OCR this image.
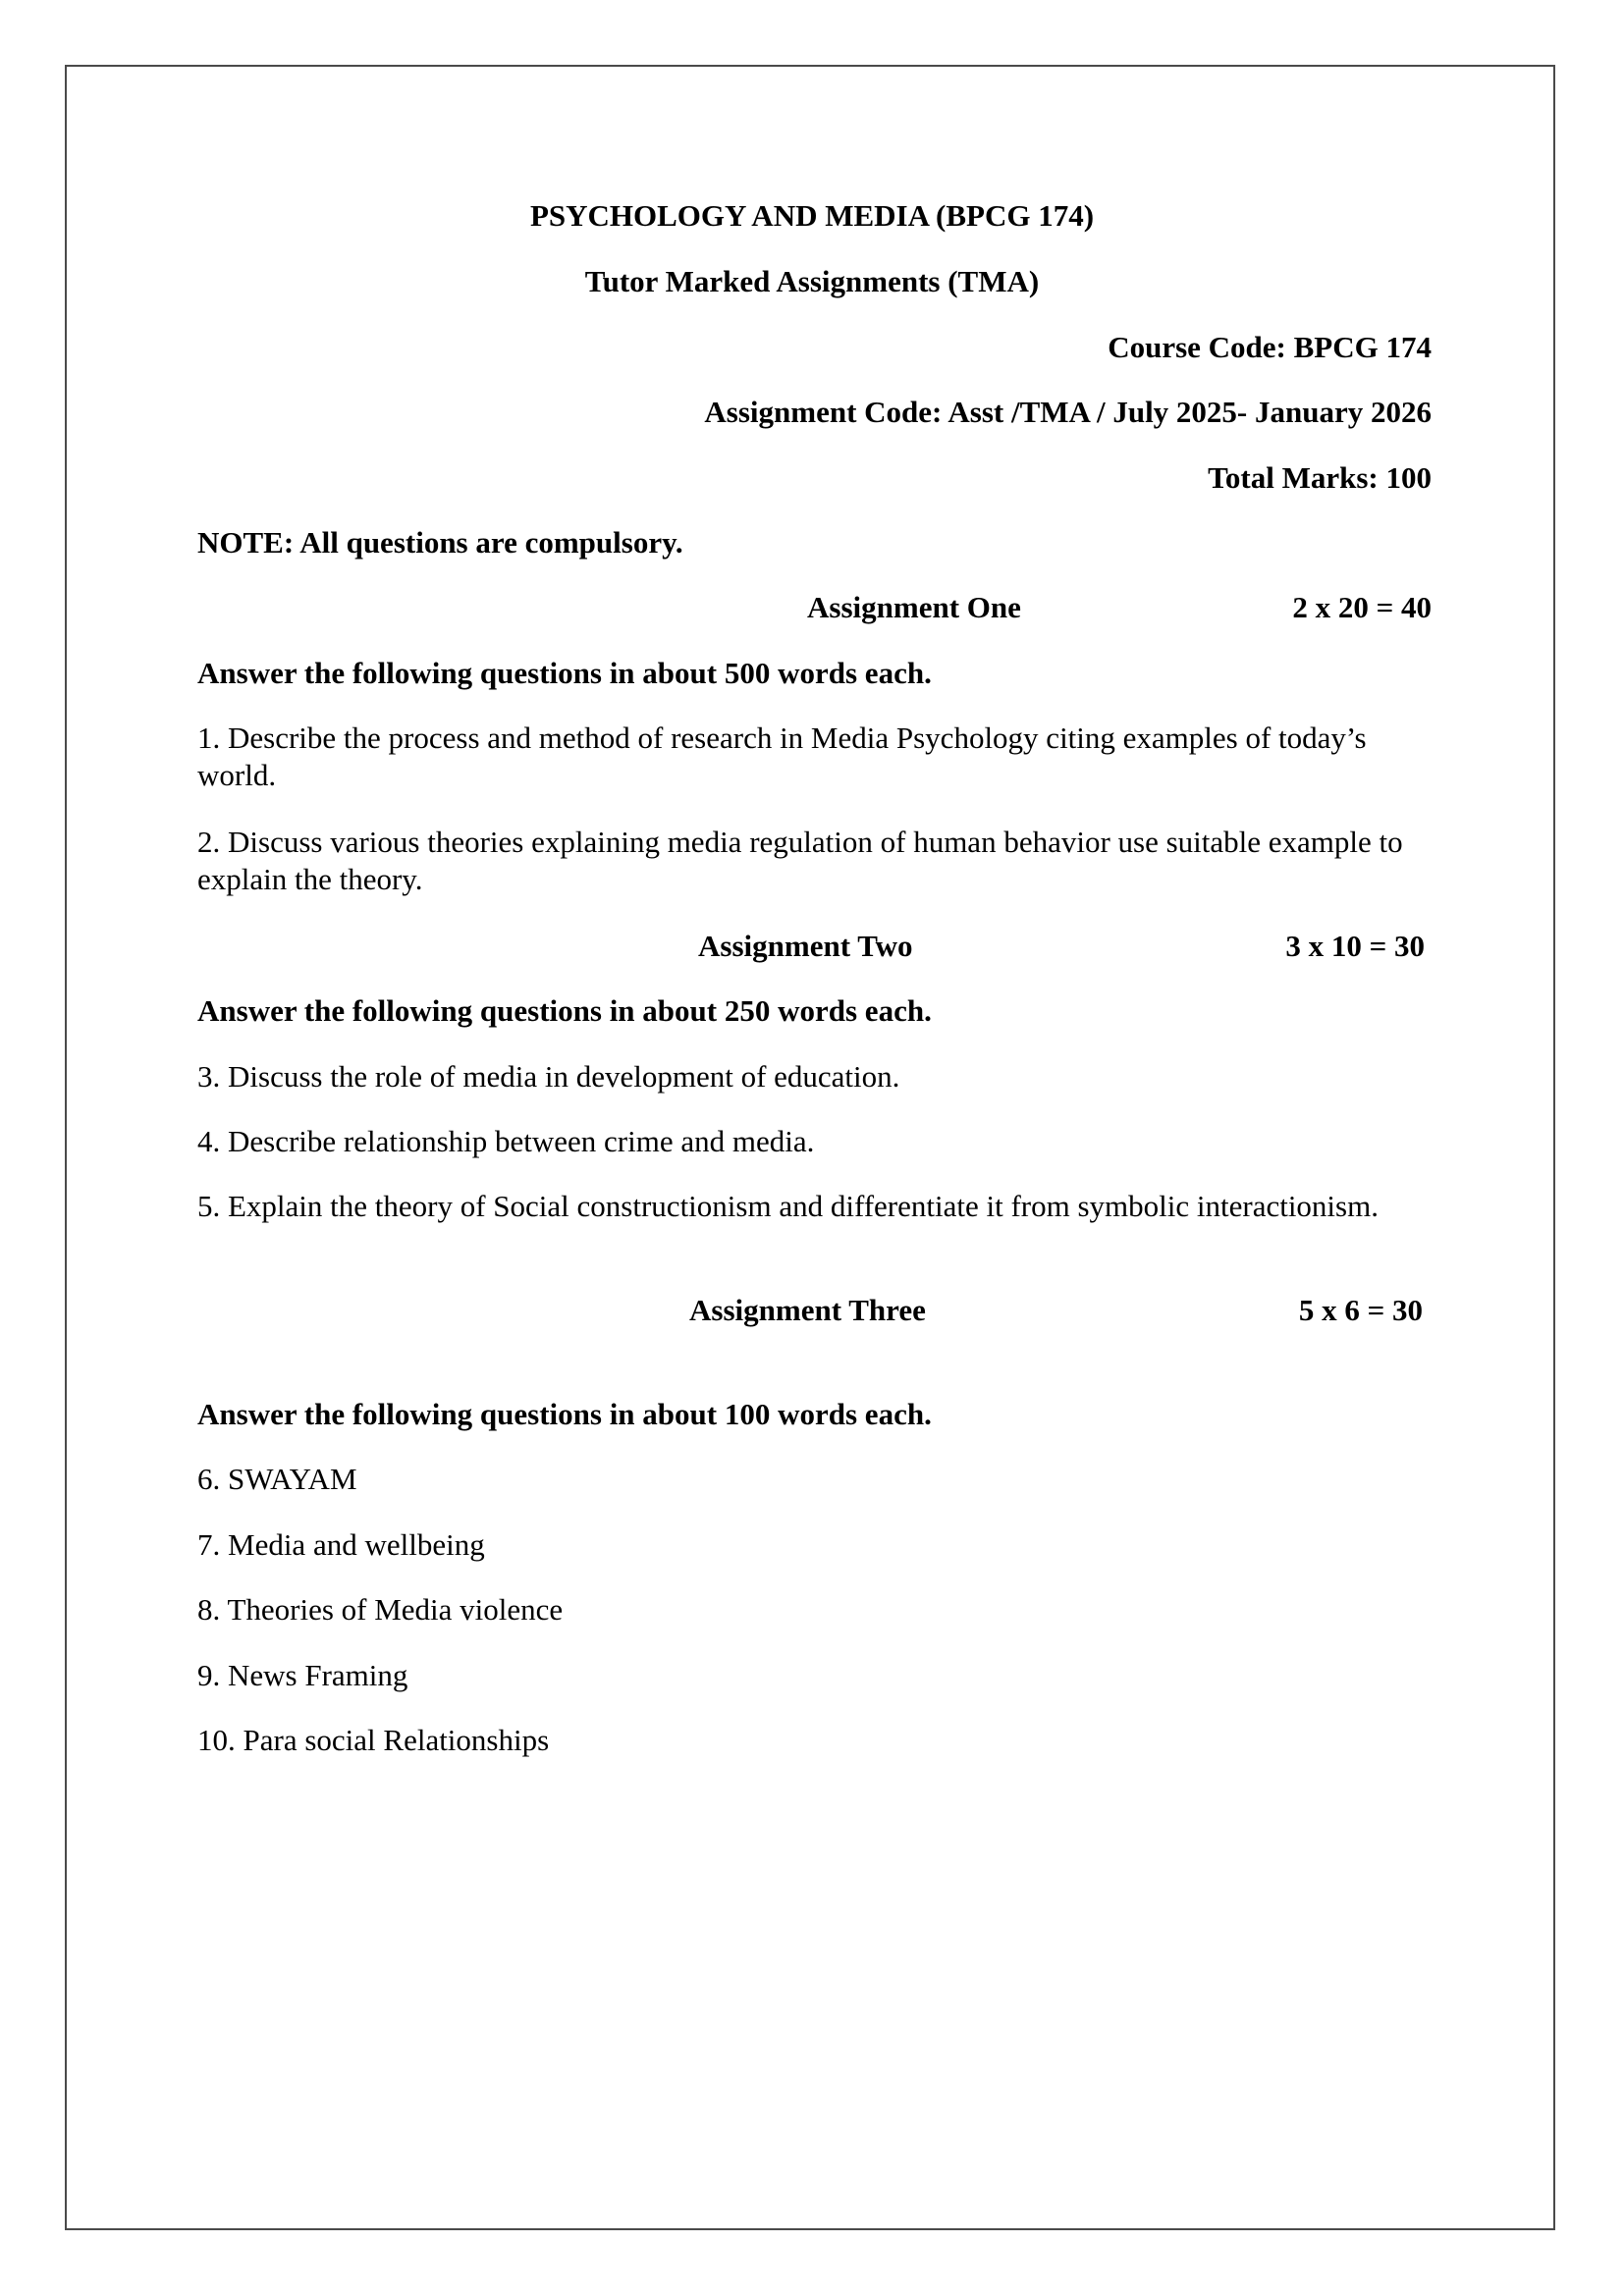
PSYCHOLOGY AND MEDIA (BPCG 174)
Tutor Marked Assignments (TMA)
Course Code: BPCG 174
Assignment Code: Asst /TMA / July 2025- January 2026
Total Marks: 100
NOTE: All questions are compulsory.
Assignment One	2 x 20 = 40
Answer the following questions in about 500 words each.

1. Describe the process and method of research in Media Psychology citing examples of today’s world.

2. Discuss various theories explaining media regulation of human behavior use suitable example to explain the theory.

Assignment Two	3 x 10 = 30
Answer the following questions in about 250 words each.

3. Discuss the role of media in development of education.

4. Describe relationship between crime and media.

5. Explain the theory of Social constructionism and differentiate it from symbolic interactionism.

Assignment Three	5 x 6 = 30
Answer the following questions in about 100 words each.
6. SWAYAM
7. Media and wellbeing
8. Theories of Media violence
9. News Framing
10. Para social Relationships
